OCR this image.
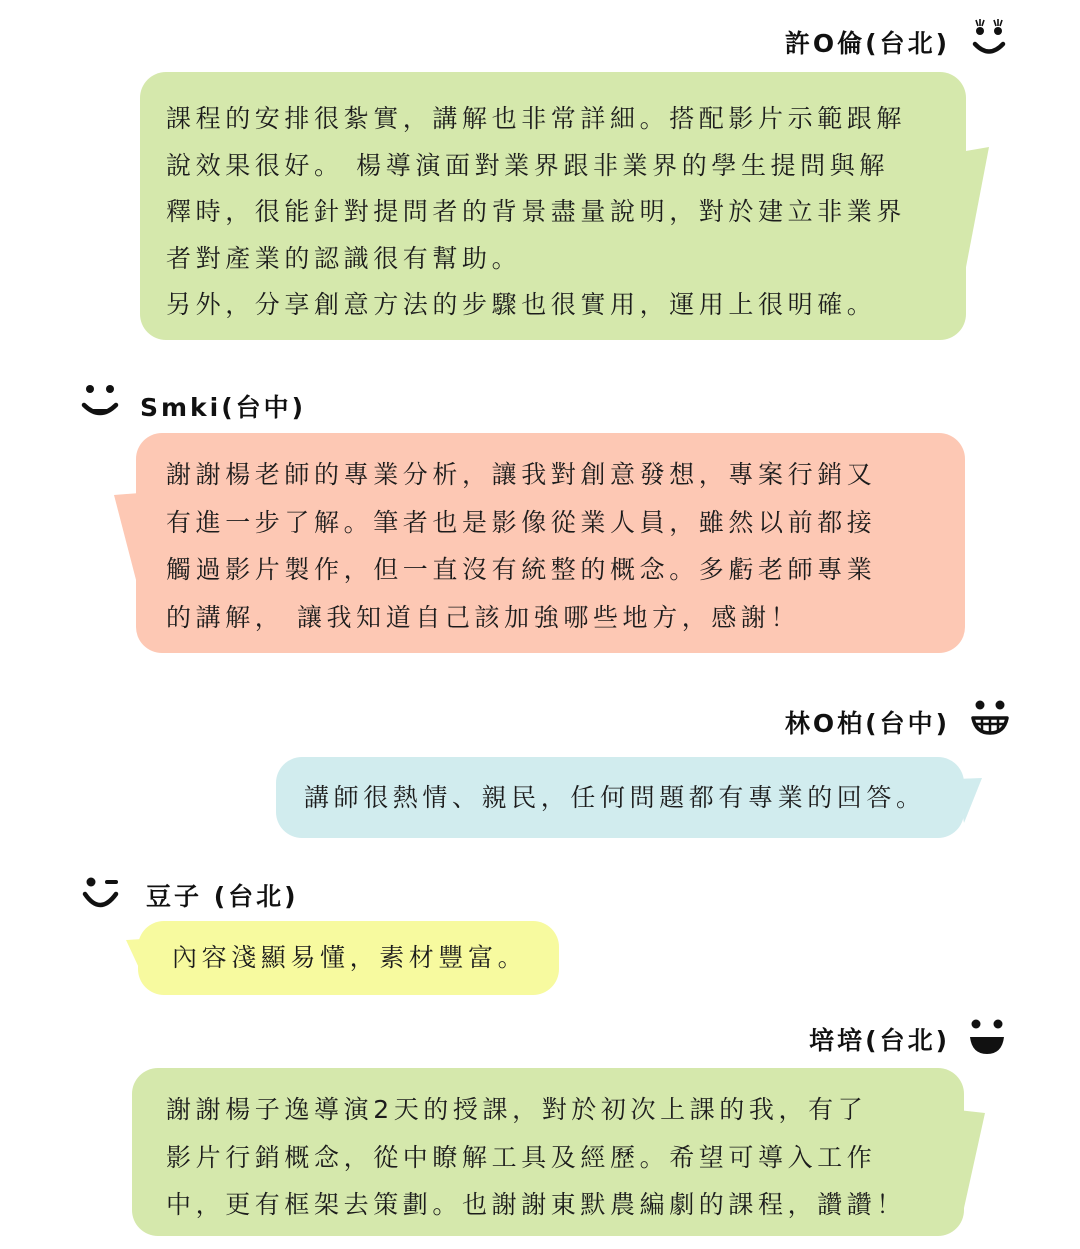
許O倫(台北)
課程的安排很紮實，講解也非常詳細。搭配影片示範跟解
說效果很好。 楊導演面對業界跟非業界的學生提問與解
釋時，很能針對提問者的背景盡量說明，對於建立非業界
者對產業的認識很有幫助。
另外，分享創意方法的步驟也很實用，運用上很明確。
Smki(台中)
謝謝楊老師的專業分析，讓我對創意發想，專案行銷又
有進一步了解。筆者也是影像從業人員，雖然以前都接
觸過影片製作，但一直沒有統整的概念。多虧老師專業
的講解， 讓我知道自己該加強哪些地方，感謝！
林O柏(台中)
講師很熱情、親民，任何問題都有專業的回答。
豆子 (台北)
內容淺顯易懂，素材豐富。
培培(台北)
謝謝楊子逸導演2天的授課，對於初次上課的我，有了
影片行銷概念，從中瞭解工具及經歷。希望可導入工作
中，更有框架去策劃。也謝謝東默農編劇的課程，讚讚！
